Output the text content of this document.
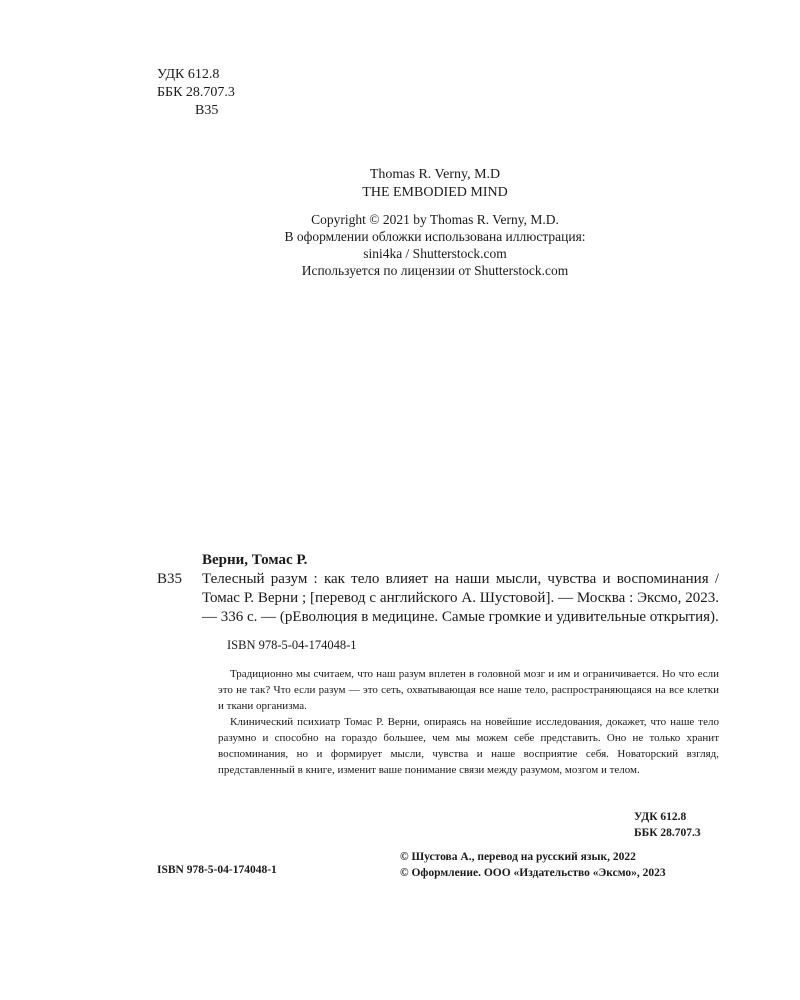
УДК 612.8
ББК 28.707.3
В35
Thomas R. Verny, M.D
THE EMBODIED MIND
Copyright © 2021 by Thomas R. Verny, M.D.
В оформлении обложки использована иллюстрация:
sini4ka / Shutterstock.com
Используется по лицензии от Shutterstock.com
Верни, Томас Р.
В35 Телесный разум : как тело влияет на наши мысли, чувства и воспоминания / Томас Р. Верни ; [перевод с английского А. Шустовой]. — Москва : Эксмо, 2023. — 336 с. — (рЕволюция в медицине. Самые громкие и удивительные открытия).
ISBN 978-5-04-174048-1

Традиционно мы считаем, что наш разум вплетен в головной мозг и им и ограничивается. Но что если это не так? Что если разум — это сеть, охватывающая все наше тело, распространяющаяся на все клетки и ткани организма.

Клинический психиатр Томас Р. Верни, опираясь на новейшие исследования, докажет, что наше тело разумно и способно на гораздо большее, чем мы можем себе представить. Оно не только хранит воспоминания, но и формирует мысли, чувства и наше восприятие себя. Новаторский взгляд, представленный в книге, изменит ваше понимание связи между разумом, мозгом и телом.

УДК 612.8
ББК 28.707.3
ISBN 978-5-04-174048-1
© Шустова А., перевод на русский язык, 2022
© Оформление. ООО «Издательство «Эксмо», 2023
